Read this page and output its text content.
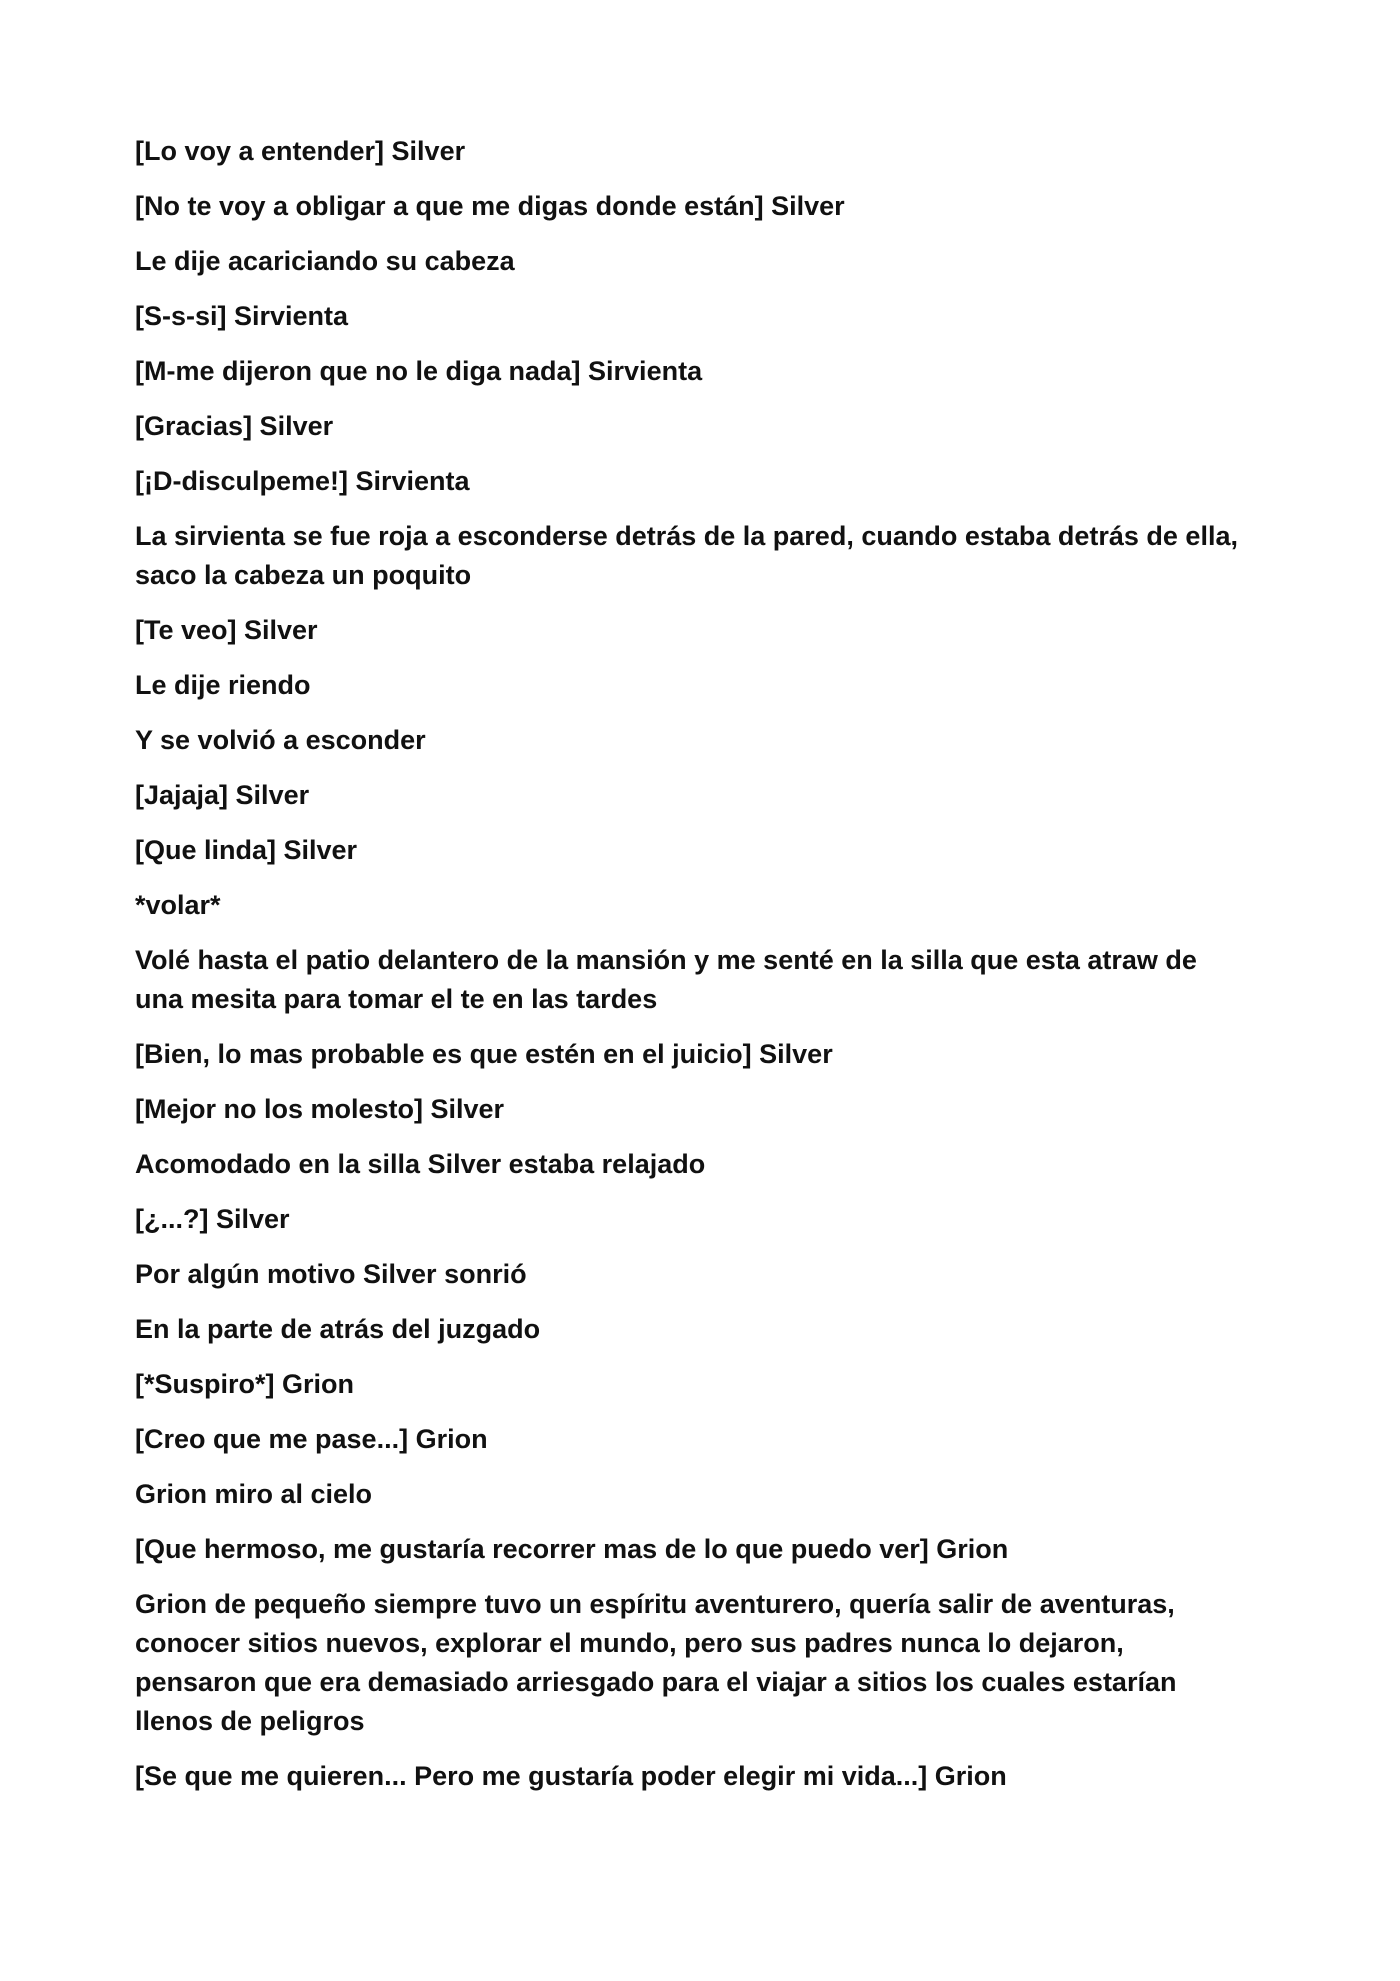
[Lo voy a entender] Silver

[No te voy a obligar a que me digas donde están] Silver

Le dije acariciando su cabeza

[S-s-si] Sirvienta

[M-me dijeron que no le diga nada] Sirvienta

[Gracias] Silver

[¡D-disculpeme!] Sirvienta

La sirvienta se fue roja a esconderse detrás de la pared, cuando estaba detrás de ella, saco la cabeza un poquito

[Te veo] Silver

Le dije riendo

Y se volvió a esconder

[Jajaja] Silver

[Que linda] Silver

*volar*

Volé hasta el patio delantero de la mansión y me senté en la silla que esta atraw de una mesita para tomar el te en las tardes

[Bien, lo mas probable es que estén en el juicio] Silver

[Mejor no los molesto] Silver

Acomodado en la silla Silver estaba relajado

[¿...?] Silver

Por algún motivo Silver sonrió

En la parte de atrás del juzgado

[*Suspiro*] Grion

[Creo que me pase...] Grion

Grion miro al cielo

[Que hermoso, me gustaría recorrer mas de lo que puedo ver] Grion

Grion de pequeño siempre tuvo un espíritu aventurero, quería salir de aventuras, conocer sitios nuevos, explorar el mundo, pero sus padres nunca lo dejaron, pensaron que era demasiado arriesgado para el viajar a sitios los cuales estarían llenos de peligros

[Se que me quieren... Pero me gustaría poder elegir mi vida...] Grion
